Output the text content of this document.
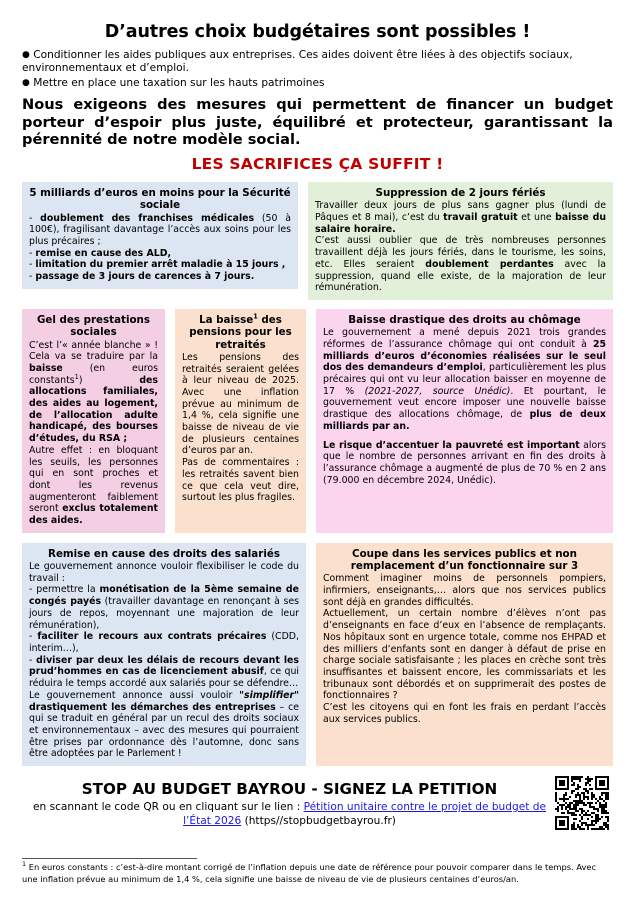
D’autres choix budgétaires sont possibles !
● Conditionner les aides publiques aux entreprises. Ces aides doivent être liées à des objectifs sociaux, environnementaux et d’emploi.
● Mettre en place une taxation sur les hauts patrimoines
Nous exigeons des mesures qui permettent de financer un budget porteur d’espoir plus juste, équilibré et protecteur, garantissant la pérennité de notre modèle social.
LES SACRIFICES ÇA SUFFIT !
5 milliards d’euros en moins pour la Sécurité sociale

- doublement des franchises médicales (50 à 100€), fragilisant davantage l’accès aux soins pour les plus précaires ;
- remise en cause des ALD,
- limitation du premier arrêt maladie à 15 jours ,
- passage de 3 jours de carences à 7 jours.

Suppression de 2 jours fériés

Travailler deux jours de plus sans gagner plus (lundi de Pâques et 8 mai), c’est du travail gratuit et une baisse du salaire horaire.
C’est aussi oublier que de très nombreuses personnes travaillent déjà les jours fériés, dans le tourisme, les soins, etc. Elles seraient doublement perdantes avec la suppression, quand elle existe, de la majoration de leur rémunération.

Gel des prestations sociales

C’est l’« année blanche » ! Cela va se traduire par la baisse (en euros constants$^1$) des allocations familiales, des aides au logement, de l’allocation adulte handicapé, des bourses d’études, du RSA ;
Autre effet : en bloquant les seuils, les personnes qui en sont proches et dont les revenus augmenteront faiblement seront exclus totalement des aides.

La baisse$^1$ des pensions pour les retraités

Les pensions des retraités seraient gelées à leur niveau de 2025. Avec une inflation prévue au minimum de 1,4 %, cela signifie une baisse de niveau de vie de plusieurs centaines d’euros par an.
Pas de commentaires : les retraités savent bien ce que cela veut dire, surtout les plus fragiles.

Baisse drastique des droits au chômage

Le gouvernement a mené depuis 2021 trois grandes réformes de l’assurance chômage qui ont conduit à 25 milliards d’euros d’économies réalisées sur le seul dos des demandeurs d’emploi, particulièrement les plus précaires qui ont vu leur allocation baisser en moyenne de 17 % (2021-2027, source Unédic). Et pourtant, le gouvernement veut encore imposer une nouvelle baisse drastique des allocations chômage, de plus de deux milliards par an.

Le risque d’accentuer la pauvreté est important alors que le nombre de personnes arrivant en fin des droits à l’assurance chômage a augmenté de plus de 70 % en 2 ans (79.000 en décembre 2024, Unédic).

Remise en cause des droits des salariés

Le gouvernement annonce vouloir flexibiliser le code du travail :
- permettre la monétisation de la 5ème semaine de congés payés (travailler davantage en renonçant à ses jours de repos, moyennant une majoration de leur rémunération),
- faciliter le recours aux contrats précaires (CDD, interim…),
- diviser par deux les délais de recours devant les prud’hommes en cas de licenciement abusif, ce qui réduira le temps accordé aux salariés pour se défendre…
Le gouvernement annonce aussi vouloir "simplifier" drastiquement les démarches des entreprises – ce qui se traduit en général par un recul des droits sociaux et environnementaux – avec des mesures qui pourraient être prises par ordonnance dès l’automne, donc sans être adoptées par le Parlement !

Coupe dans les services publics et non remplacement d’un fonctionnaire sur 3

Comment imaginer moins de personnels pompiers, infirmiers, enseignants,… alors que nos services publics sont déjà en grandes difficultés.
Actuellement, un certain nombre d’élèves n’ont pas d’enseignants en face d’eux en l’absence de remplaçants. Nos hôpitaux sont en urgence totale, comme nos EHPAD et des milliers d’enfants sont en danger à défaut de prise en charge sociale satisfaisante ; les places en crèche sont très insuffisantes et baissent encore, les commissariats et les tribunaux sont débordés et on supprimerait des postes de fonctionnaires ?
C’est les citoyens qui en font les frais en perdant l’accès aux services publics.

STOP AU BUDGET BAYROU - SIGNEZ LA PETITION
en scannant le code QR ou en cliquant sur le lien : Pétition unitaire contre le projet de budget de l’État 2026 (https//stopbudgetbayrou.fr)

$^1$ En euros constants : c’est-à-dire montant corrigé de l’inflation depuis une date de référence pour pouvoir comparer dans le temps. Avec une inflation prévue au minimum de 1,4 %, cela signifie une baisse de niveau de vie de plusieurs centaines d’euros/an.
